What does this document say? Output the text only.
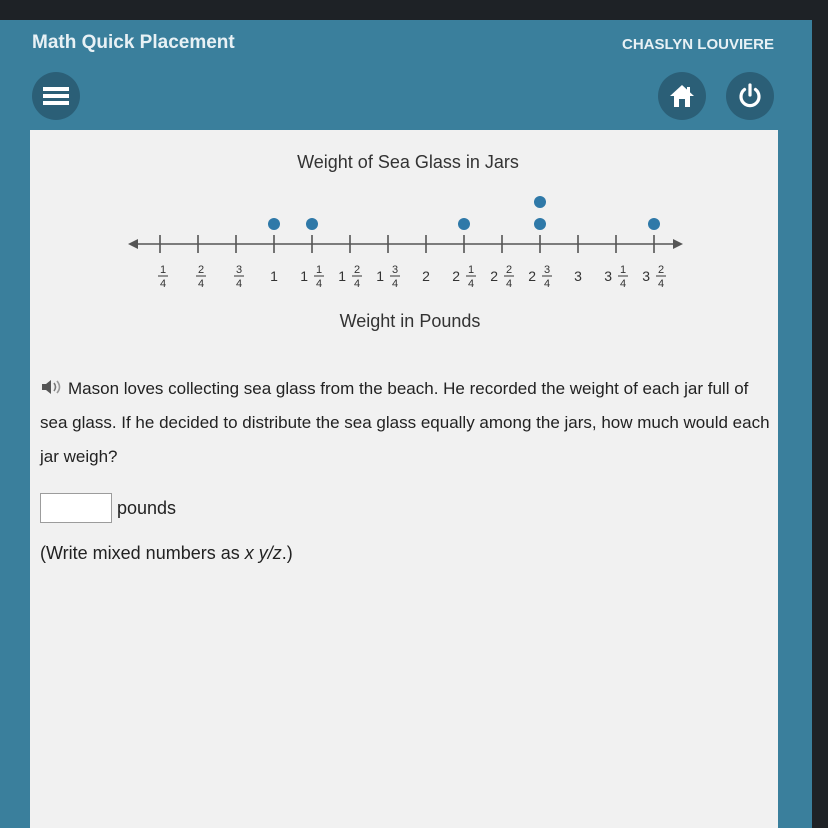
Math Quick Placement	CHASLYN LOUVIERE
Weight of Sea Glass in Jars
1
4
2
4
3
4 1 1 1
4 1 2
4 1 3
4 2 2 1
4 2 2
4 2 3
4 3 3 1
4 3 2
4
Weight in Pounds
Mason loves collecting sea glass from the beach. He recorded the weight of each jar full of sea glass. If he decided to distribute the sea glass equally among the jars, how much would each jar weigh?
pounds
(Write mixed numbers as x y/z.)
